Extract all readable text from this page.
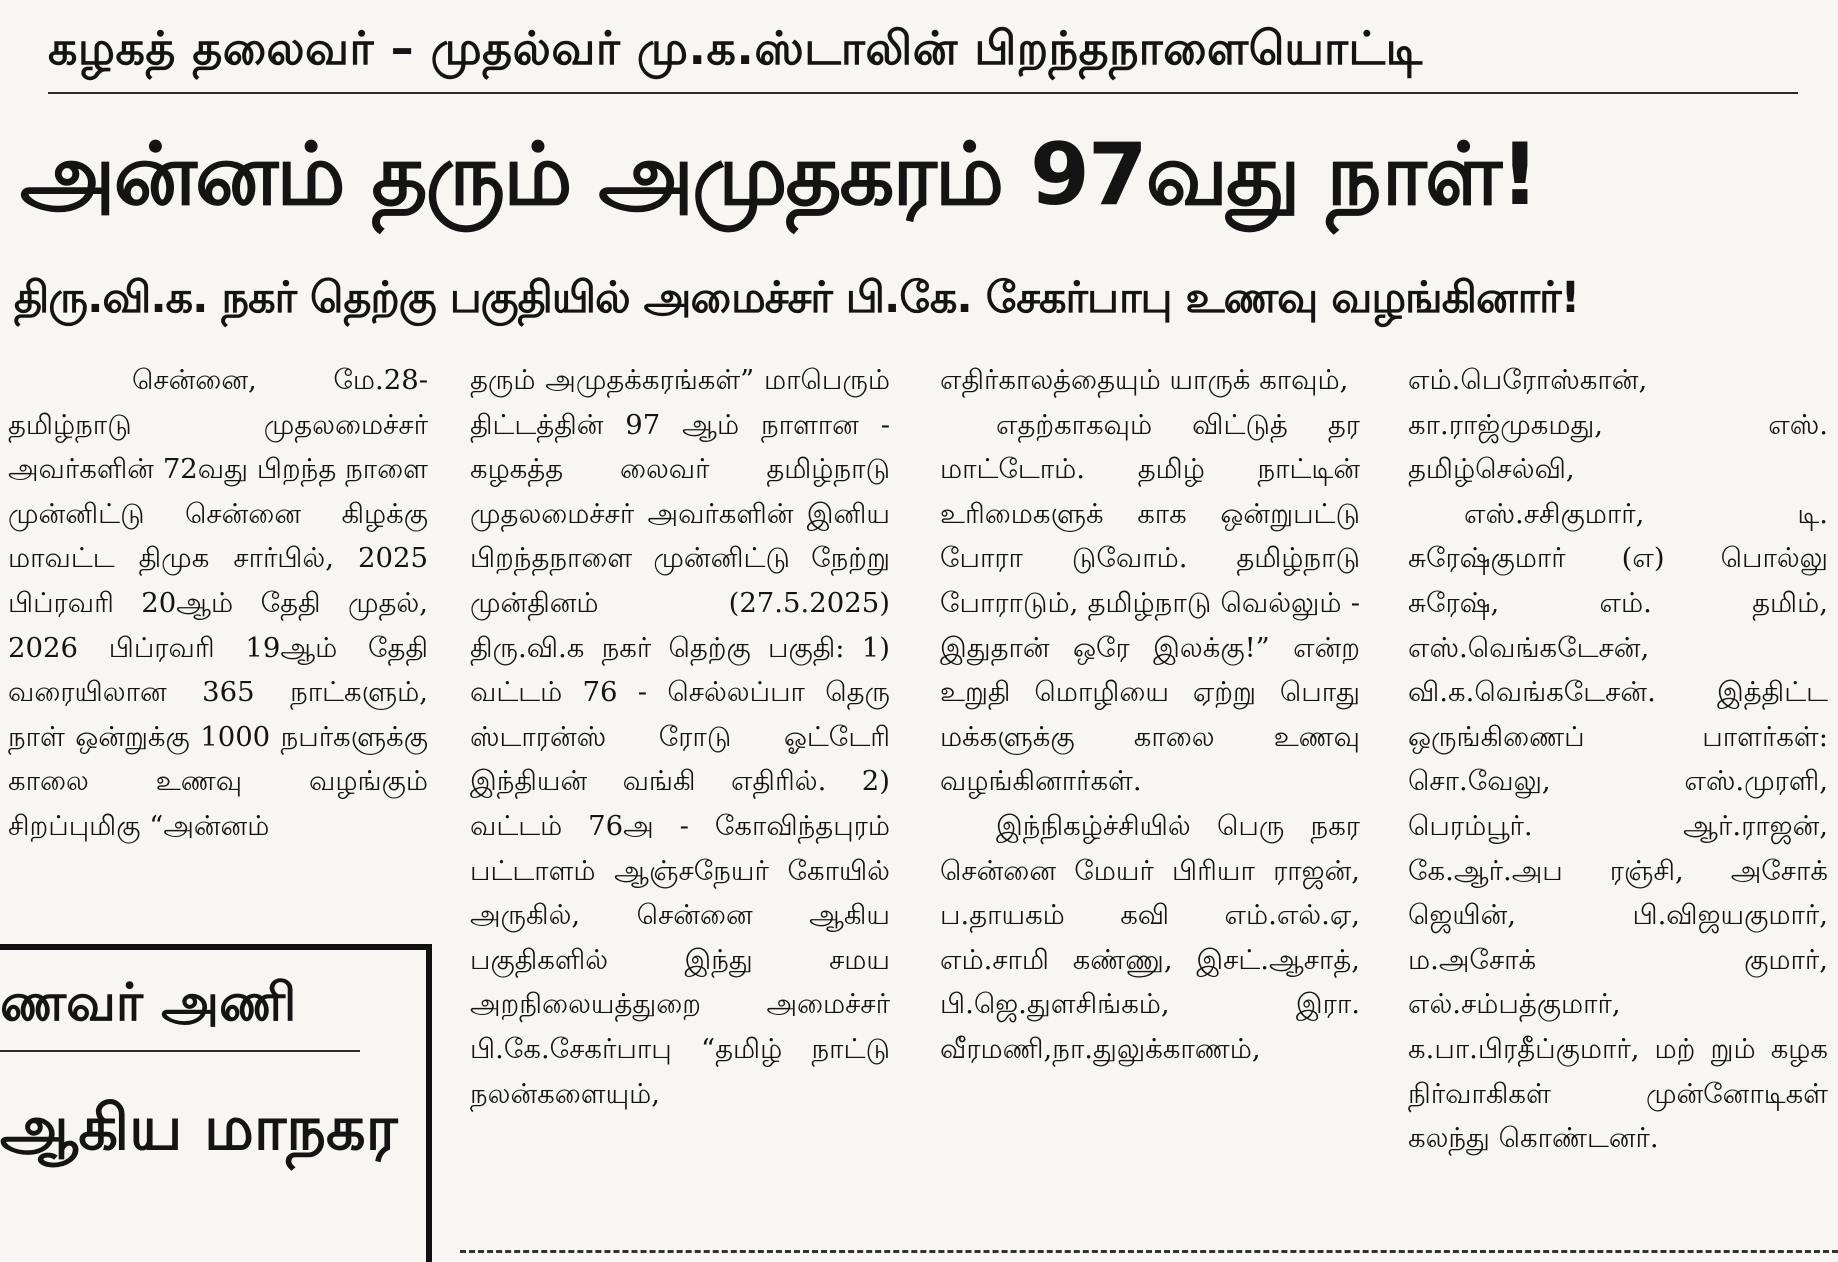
கழகத் தலைவர் – முதல்வர் மு.க.ஸ்டாலின் பிறந்தநாளையொட்டி
அன்னம் தரும் அமுதகரம் 97வது நாள்!
திரு.வி.க. நகர் தெற்கு பகுதியில் அமைச்சர் பி.கே. சேகர்பாபு உணவு வழங்கினார்!

சென்னை, மே.28- தமிழ்நாடு முதலமைச்சர் அவர்களின் 72வது பிறந்த நாளை முன்னிட்டு சென்னை கிழக்கு மாவட்ட திமுக சார்பில், 2025 பிப்ரவரி 20ஆம் தேதி முதல், 2026 பிப்ரவரி 19ஆம் தேதி வரையிலான 365 நாட்களும், நாள் ஒன்றுக்கு 1000 நபர்களுக்கு காலை உணவு வழங்கும் சிறப்புமிகு “அன்னம்

தரும் அமுதக்கரங்கள்” மாபெரும் திட்டத்தின் 97 ஆம் நாளான - கழகத்த லைவர் தமிழ்நாடு முதலமைச்சர் அவர்களின் இனிய பிறந்தநாளை முன்னிட்டு நேற்று முன்தினம் (27.5.2025) திரு.வி.க நகர் தெற்கு பகுதி: 1) வட்டம் 76 - செல்லப்பா தெரு ஸ்டாரன்ஸ் ரோடு ஓட்டேரி இந்தியன் வங்கி எதிரில். 2) வட்டம் 76அ - கோவிந்தபுரம் பட்டாளம் ஆஞ்சநேயர் கோயில் அருகில், சென்னை ஆகிய பகுதிகளில் இந்து சமய அறநிலையத்துறை அமைச்சர் பி.கே.சேகர்பாபு “தமிழ் நாட்டு நலன்களையும்,

எதிர்காலத்தையும் யாருக் காவும்,

எதற்காகவும் விட்டுத் தர மாட்டோம். தமிழ் நாட்டின் உரிமைகளுக் காக ஒன்றுபட்டு போரா டுவோம். தமிழ்நாடு போராடும், தமிழ்நாடு வெல்லும் - இதுதான் ஒரே இலக்கு!” என்ற உறுதி மொழியை ஏற்று பொது மக்களுக்கு காலை உணவு வழங்கினார்கள்.

இந்நிகழ்ச்சியில் பெரு நகர சென்னை மேயர் பிரியா ராஜன், ப.தாயகம் கவி எம்.எல்.ஏ, எம்.சாமி கண்ணு, இசட்.ஆசாத், பி.ஜெ.துளசிங்கம், இரா. வீரமணி,நா.துலுக்காணம்,

எம்.பெரோஸ்கான், கா.ராஜ்முகமது, எஸ். தமிழ்செல்வி,

எஸ்.சசிகுமார், டி. சுரேஷ்குமார் (எ) பொல்லு சுரேஷ், எம். தமிம், எஸ்.வெங்கடேசன், வி.க.வெங்கடேசன். இத்திட்ட ஒருங்கிணைப் பாளர்கள்: சொ.வேலு, எஸ்.முரளி, பெரம்பூர். ஆர்.ராஜன், கே.ஆர்.அப ரஞ்சி, அசோக் ஜெயின், பி.விஜயகுமார், ம.அசோக் குமார், எல்.சம்பத்குமார், க.பா.பிரதீப்குமார், மற் றும் கழக நிர்வாகிகள் முன்னோடிகள் கலந்து கொண்டனர்.

ணவர் அணி
ஆகிய மாநகர
